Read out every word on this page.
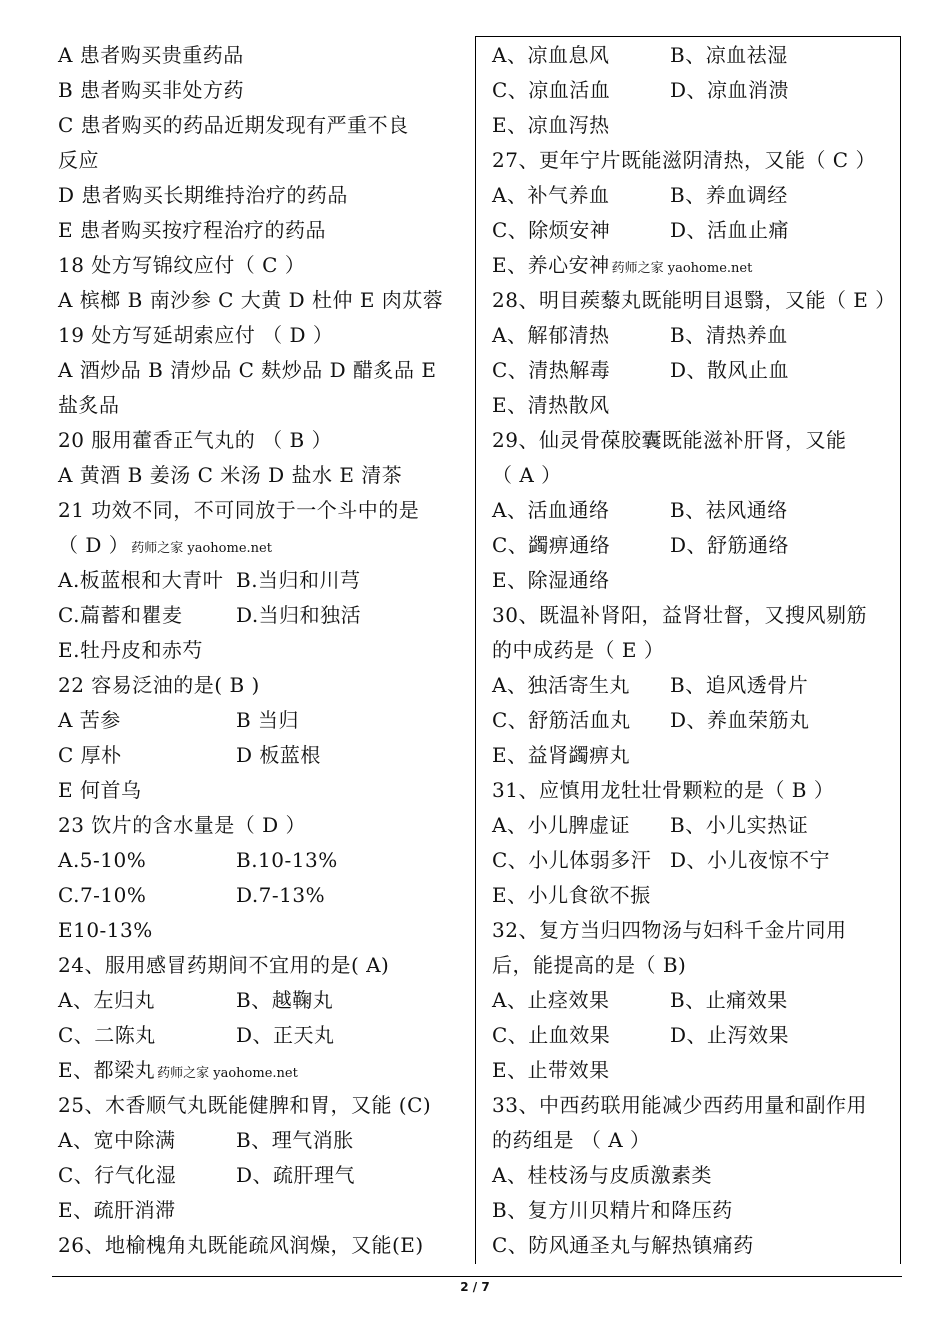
A 患者购买贵重药品
B 患者购买非处方药
C 患者购买的药品近期发现有严重不良
反应
D 患者购买长期维持治疗的药品
E 患者购买按疗程治疗的药品
18 处方写锦纹应付（ C ）
A 槟榔 B 南沙参 C 大黄 D 杜仲 E 肉苁蓉
19 处方写延胡索应付 （ D ）
A 酒炒品 B 清炒品 C 麸炒品 D 醋炙品 E
盐炙品
20 服用藿香正气丸的 （ B ）
A 黄酒 B 姜汤 C 米汤 D 盐水 E 清茶
21 功效不同，不可同放于一个斗中的是
（ D ） 药师之家 yaohome.net
A.板蓝根和大青叶 B.当归和川芎
C.萹蓄和瞿麦	D.当归和独活
E.牡丹皮和赤芍
22 容易泛油的是( B )
A 苦参	B 当归
C 厚朴	D 板蓝根
E 何首乌
23 饮片的含水量是（ D ）
A.5-10%	B.10-13%
C.7-10%	D.7-13%
E10-13%
24、服用感冒药期间不宜用的是( A)
A、左归丸	B、越鞠丸
C、二陈丸	D、正天丸
E、都梁丸 药师之家 yaohome.net
25、木香顺气丸既能健脾和胃，又能 (C)
A、宽中除满	B、理气消胀
C、行气化湿	D、疏肝理气
E、疏肝消滞
26、地榆槐角丸既能疏风润燥，又能(E)
A、凉血息风	B、凉血祛湿
C、凉血活血	D、凉血消溃
E、凉血泻热
27、更年宁片既能滋阴清热，又能（ C ）
A、补气养血	B、养血调经
C、除烦安神	D、活血止痛
E、养心安神 药师之家 yaohome.net
28、明目蒺藜丸既能明目退翳，又能（ E ）
A、解郁清热	B、清热养血
C、清热解毒	D、散风止血
E、清热散风
29、仙灵骨葆胶囊既能滋补肝肾，又能
（ A ）
A、活血通络	B、祛风通络
C、蠲痹通络	D、舒筋通络
E、除湿通络
30、既温补肾阳，益肾壮督，又搜风剔筋
的中成药是（ E ）
A、独活寄生丸 B、追风透骨片
C、舒筋活血丸 D、养血荣筋丸
E、益肾蠲痹丸
31、应慎用龙牡壮骨颗粒的是（ B ）
A、小儿脾虚证 B、小儿实热证
C、小儿体弱多汗 D、小儿夜惊不宁
E、小儿食欲不振
32、复方当归四物汤与妇科千金片同用
后，能提高的是（ B)
A、止痉效果	B、止痛效果
C、止血效果	D、止泻效果
E、止带效果
33、中西药联用能减少西药用量和副作用
的药组是 （ A ）
A、桂枝汤与皮质激素类
B、复方川贝精片和降压药
C、防风通圣丸与解热镇痛药
2 / 7
